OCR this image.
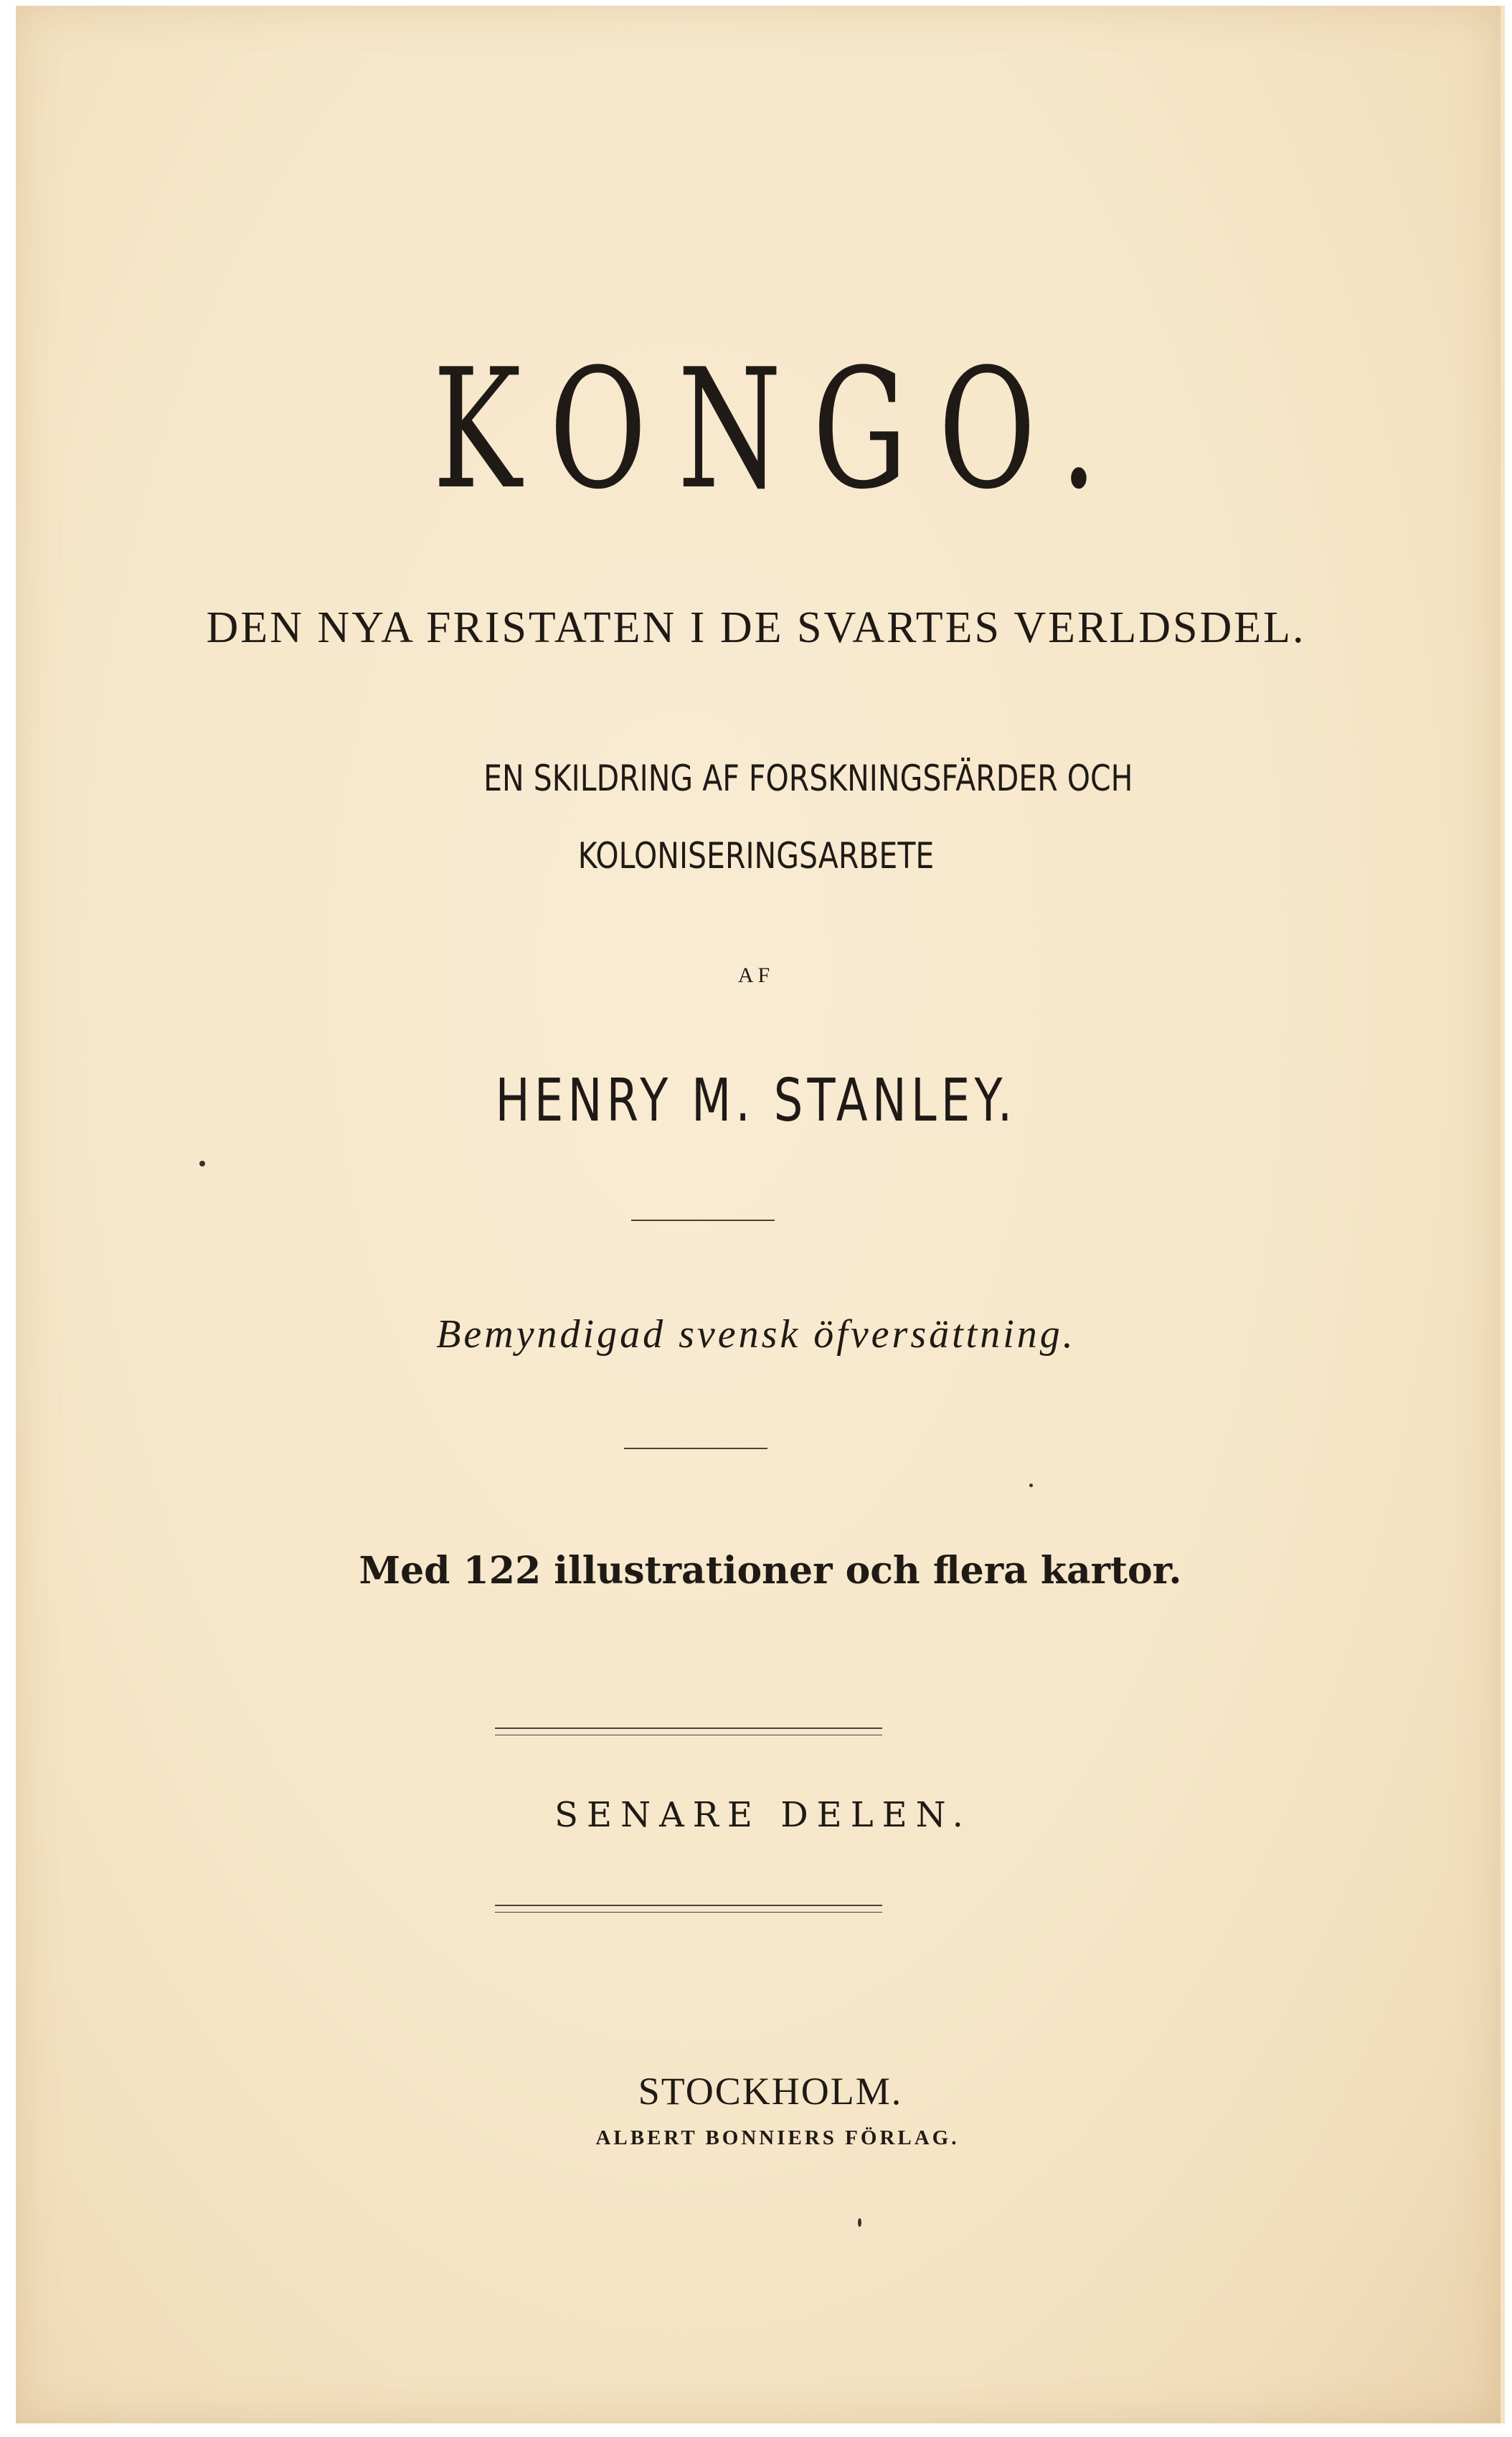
KONGO.
DEN NYA FRISTATEN I DE SVARTES VERLDSDEL.
EN SKILDRING AF FORSKNINGSFÄRDER OCH
KOLONISERINGSARBETE
AF
HENRY M. STANLEY.
Bemyndigad svensk öfversättning.
Med 122 illustrationer och flera kartor.
SENARE DELEN.
STOCKHOLM.
ALBERT BONNIERS FÖRLAG.
